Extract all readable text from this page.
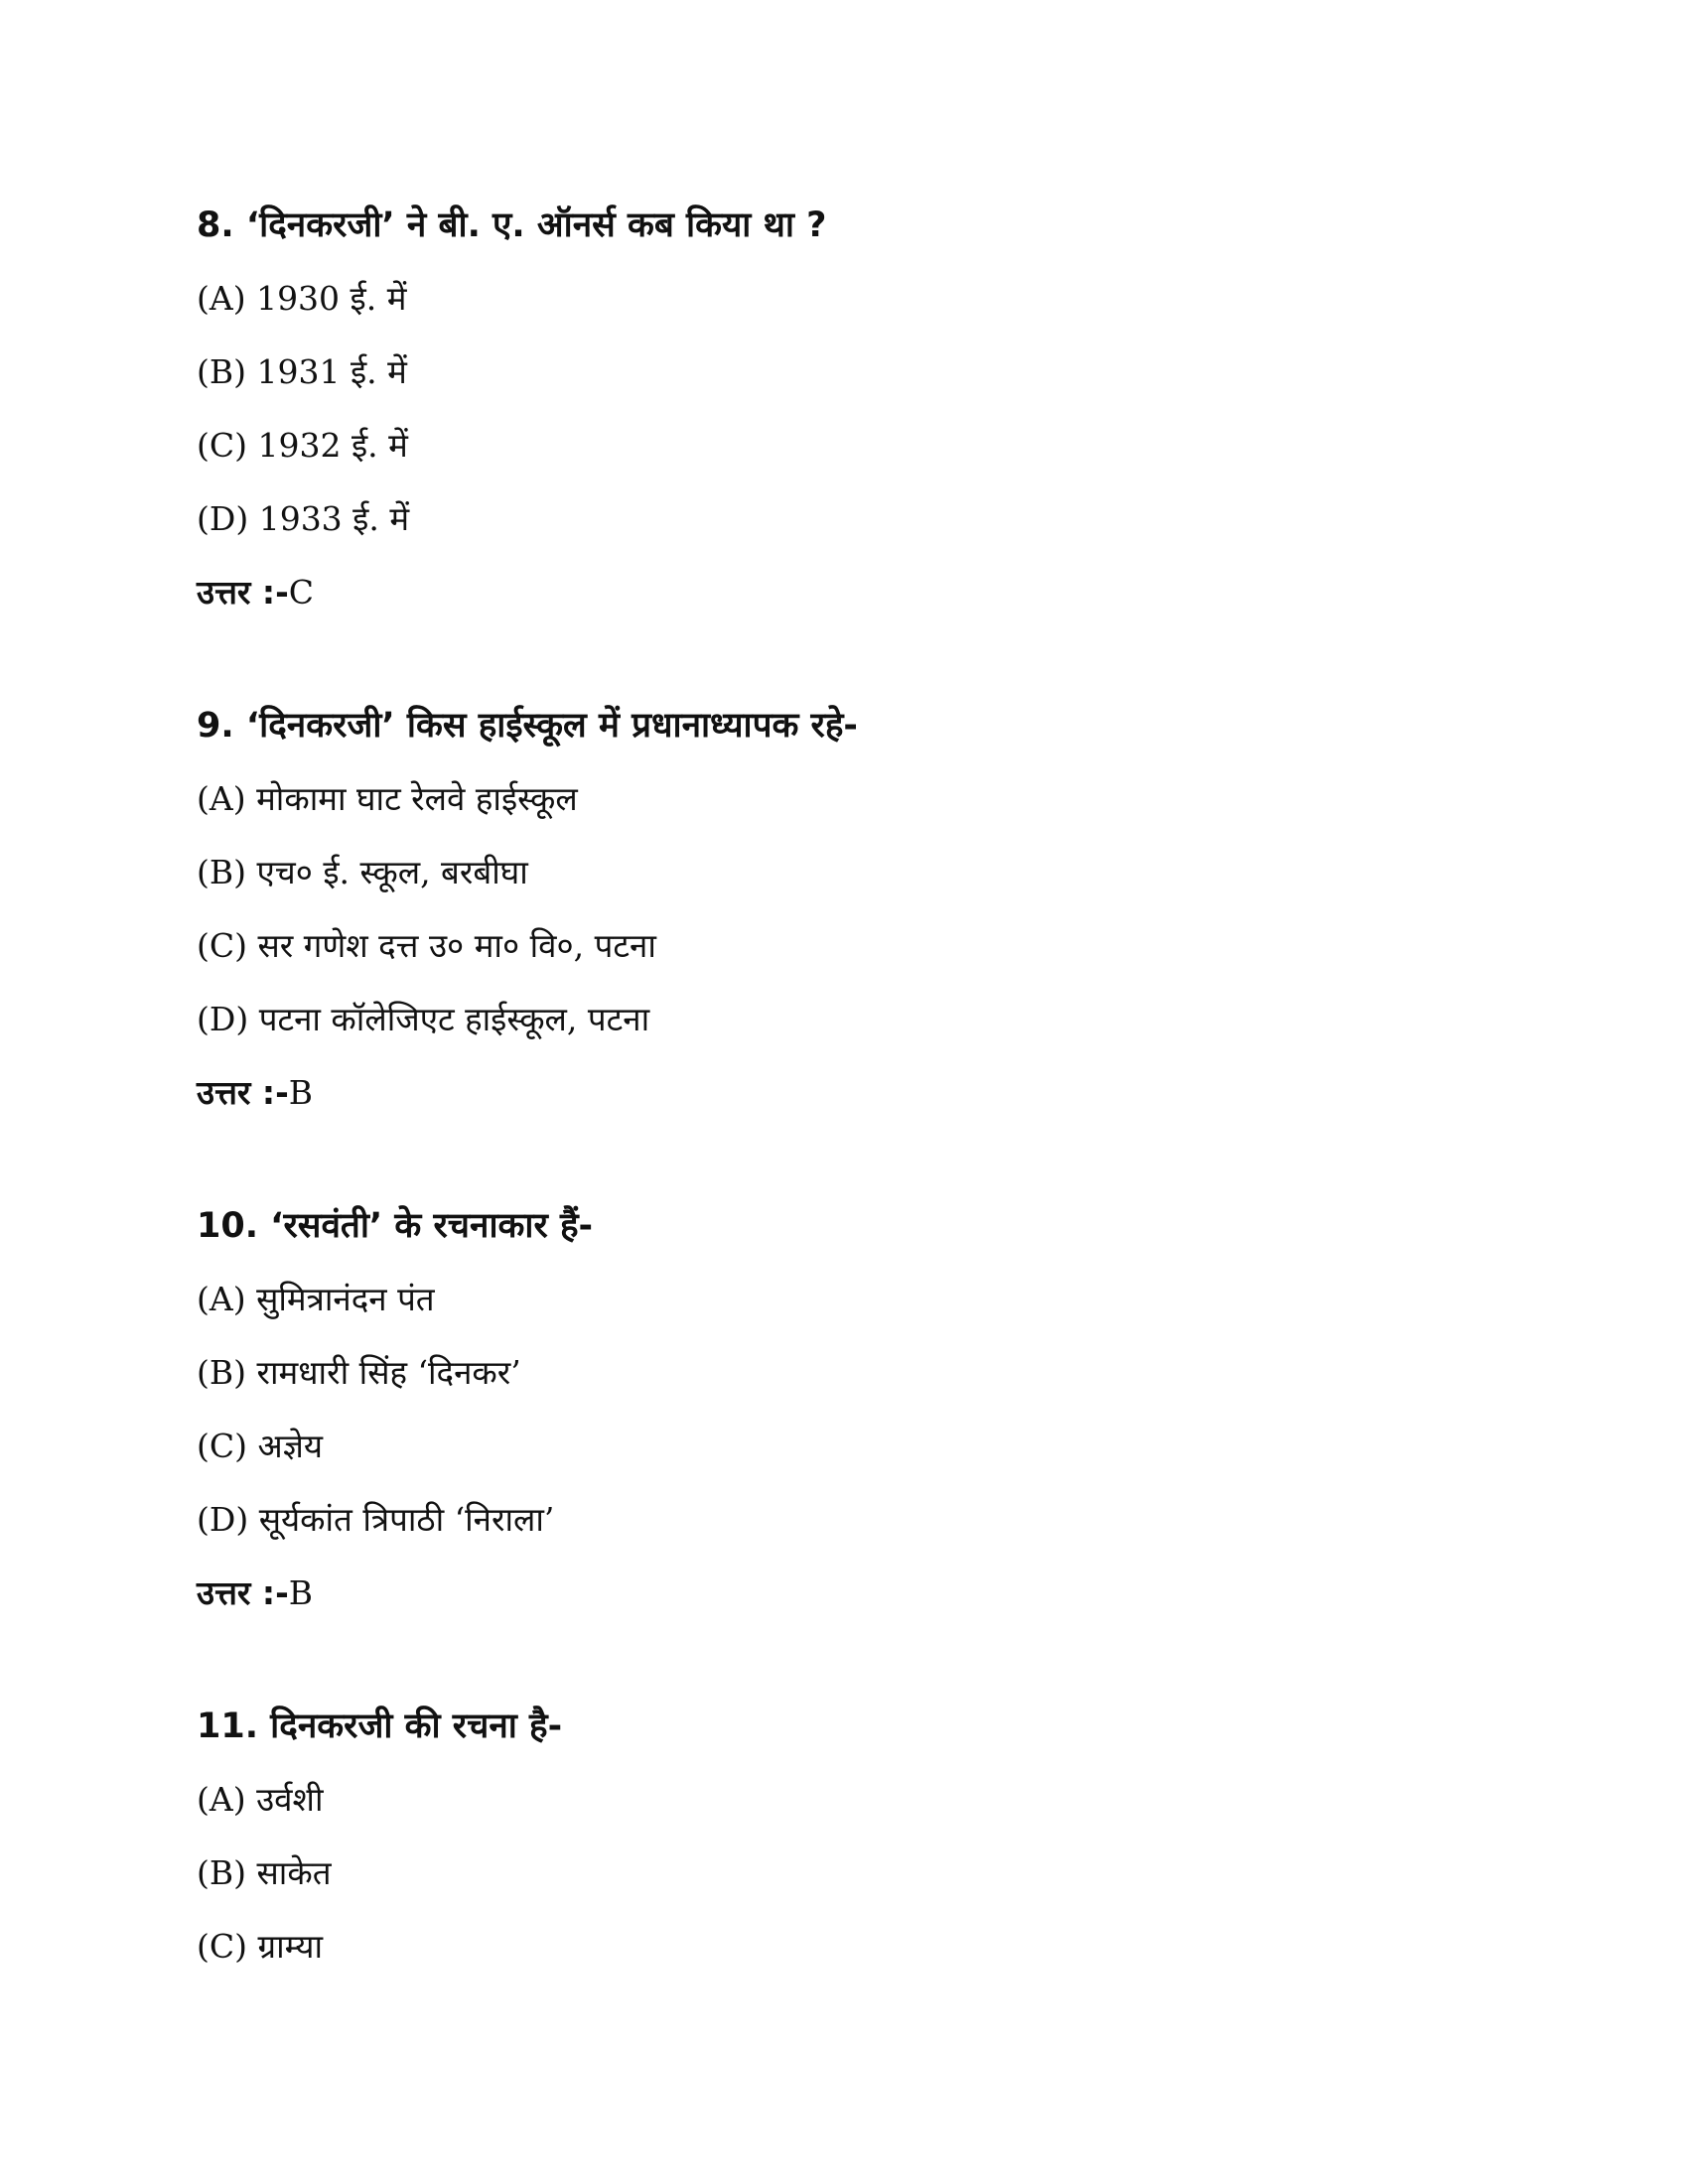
8. ‘दिनकरजी’ ने बी. ए. ऑनर्स कब किया था ?
(A) 1930 ई. में
(B) 1931 ई. में
(C) 1932 ई. में
(D) 1933 ई. में
उत्तर :-C
9. ‘दिनकरजी’ किस हाईस्कूल में प्रधानाध्यापक रहे-
(A) मोकामा घाट रेलवे हाईस्कूल
(B) एच० ई. स्कूल, बरबीघा
(C) सर गणेश दत्त उ० मा० वि०, पटना
(D) पटना कॉलेजिएट हाईस्कूल, पटना
उत्तर :-B
10. ‘रसवंती’ के रचनाकार हैं-
(A) सुमित्रानंदन पंत
(B) रामधारी सिंह ‘दिनकर’
(C) अज्ञेय
(D) सूर्यकांत त्रिपाठी ‘निराला’
उत्तर :-B
11. दिनकरजी की रचना है-
(A) उर्वशी
(B) साकेत
(C) ग्राम्या
